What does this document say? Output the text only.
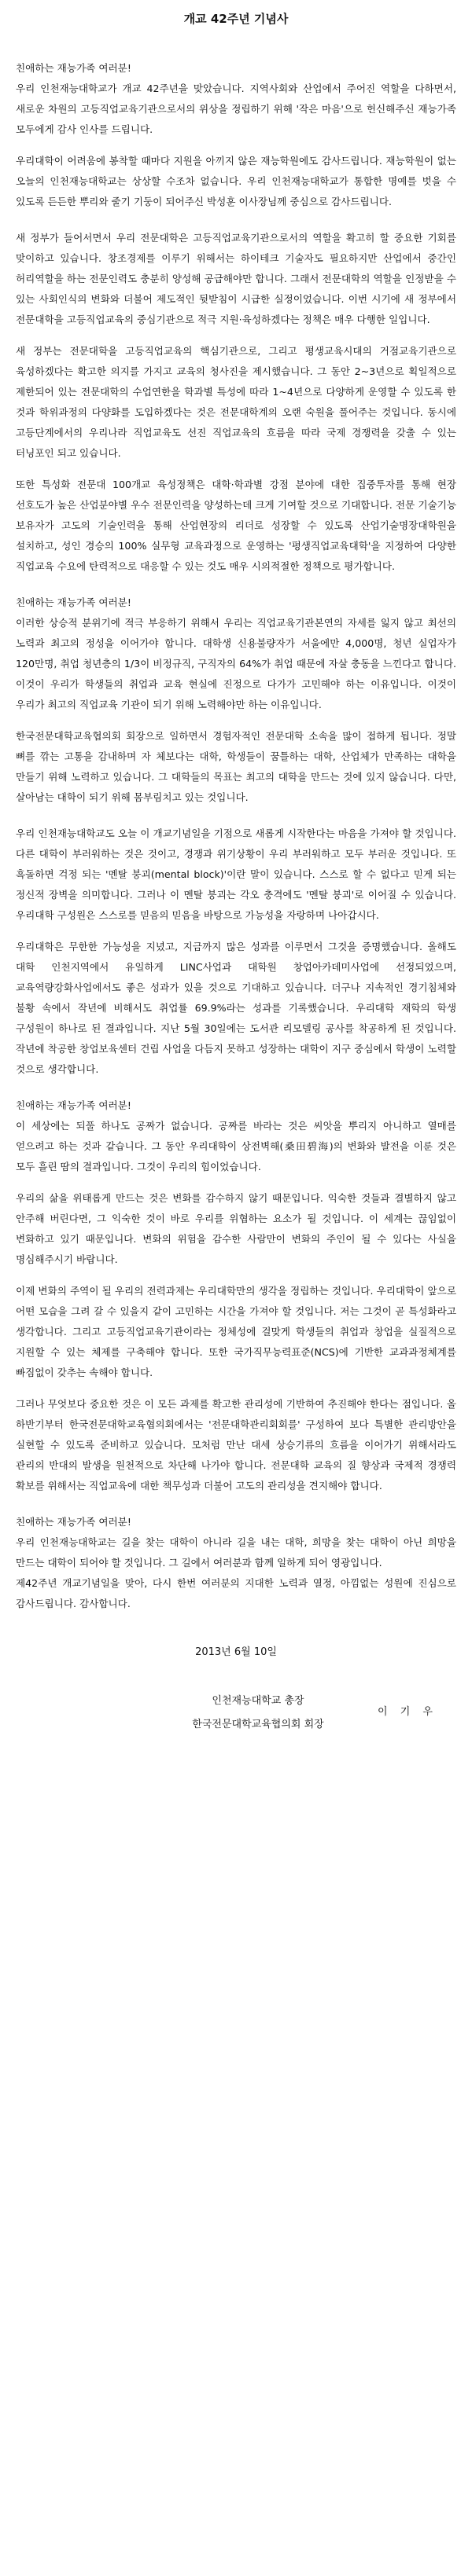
개교 42주년 기념사

친애하는 재능가족 여러분!

우리 인천재능대학교가 개교 42주년을 맞았습니다. 지역사회와 산업에서 주어진 역할을 다하면서, 새로운 차원의 고등직업교육기관으로서의 위상을 정립하기 위해 '작은 마음'으로 헌신해주신 재능가족 모두에게 감사 인사를 드립니다.

우리대학이 어려움에 봉착할 때마다 지원을 아끼지 않은 재능학원에도 감사드립니다. 재능학원이 없는 오늘의 인천재능대학교는 상상할 수조차 없습니다. 우리 인천재능대학교가 통합한 명예를 벗을 수 있도록 든든한 뿌리와 줄기 기둥이 되어주신 박성훈 이사장님께 중심으로 감사드립니다.

새 정부가 들어서면서 우리 전문대학은 고등직업교육기관으로서의 역할을 확고히 할 중요한 기회를 맞이하고 있습니다. 창조경제를 이루기 위해서는 하이테크 기술자도 필요하지만 산업에서 중간인 허리역할을 하는 전문인력도 충분히 양성해 공급해야만 합니다. 그래서 전문대학의 역할을 인정받을 수 있는 사회인식의 변화와 더불어 제도적인 뒷받침이 시급한 실정이었습니다. 이번 시기에 새 정부에서 전문대학을 고등직업교육의 중심기관으로 적극 지원·육성하겠다는 정책은 매우 다행한 일입니다.

새 정부는 전문대학을 고등직업교육의 핵심기관으로, 그리고 평생교육시대의 거점교육기관으로 육성하겠다는 확고한 의지를 가지고 교육의 청사진을 제시했습니다. 그 동안 2~3년으로 획일적으로 제한되어 있는 전문대학의 수업연한을 학과별 특성에 따라 1~4년으로 다양하게 운영할 수 있도록 한 것과 학위과정의 다양화를 도입하겠다는 것은 전문대학계의 오랜 숙원을 풀어주는 것입니다. 동시에 고등단계에서의 우리나라 직업교육도 선진 직업교육의 흐름을 따라 국제 경쟁력을 갖출 수 있는 터닝포인 되고 있습니다.

또한 특성화 전문대 100개교 육성정책은 대학·학과별 강점 분야에 대한 집중투자를 통해 현장 선호도가 높은 산업분야별 우수 전문인력을 양성하는데 크게 기여할 것으로 기대합니다. 전문 기술기능 보유자가 고도의 기술인력을 통해 산업현장의 리더로 성장할 수 있도록 산업기술명장대학원을 설치하고, 성인 경승의 100% 실무형 교육과정으로 운영하는 '평생직업교육대학'을 지정하여 다양한 직업교육 수요에 탄력적으로 대응할 수 있는 것도 매우 시의적절한 정책으로 평가합니다.

친애하는 재능가족 여러분!

이러한 상승적 분위기에 적극 부응하기 위해서 우리는 직업교육기관본연의 자세를 잃지 않고 최선의 노력과 최고의 정성을 이어가야 합니다. 대학생 신용불량자가 서울에만 4,000명, 청년 실업자가 120만명, 취업 청년층의 1/3이 비정규직, 구직자의 64%가 취업 때문에 자살 충동을 느낀다고 합니다. 이것이 우리가 학생들의 취업과 교육 현실에 진정으로 다가가 고민해야 하는 이유입니다. 이것이 우리가 최고의 직업교육 기관이 되기 위해 노력해야만 하는 이유입니다.

한국전문대학교육협의회 회장으로 일하면서 경험자적인 전문대학 소속을 많이 접하게 됩니다. 정말 뼈를 깎는 고통을 감내하며 자 체보다는 대학, 학생들이 꿈틀하는 대학, 산업체가 만족하는 대학을 만들기 위해 노력하고 있습니다. 그 대학들의 목표는 최고의 대학을 만드는 것에 있지 않습니다. 다만, 살아남는 대학이 되기 위해 몸부림치고 있는 것입니다.

우리 인천재능대학교도 오늘 이 개교기념일을 기점으로 새롭게 시작한다는 마음을 가져야 할 것입니다. 다른 대학이 부러워하는 것은 것이고, 경쟁과 위기상황이 우리 부러워하고 모두 부러운 것입니다. 또 흑돌하면 걱정 되는 '멘탈 붕괴(mental block)'이란 말이 있습니다. 스스로 할 수 없다고 믿게 되는 정신적 장벽을 의미합니다. 그러나 이 멘탈 붕괴는 각오 충격에도 '멘탈 붕괴'로 이어질 수 있습니다. 우리대학 구성원은 스스로를 믿음의 믿음을 바탕으로 가능성을 자랑하며 나아갑시다.

우리대학은 무한한 가능성을 지녔고, 지금까지 많은 성과를 이루면서 그것을 증명했습니다. 올해도 대학 인천지역에서 유일하게 LINC사업과 대학원 창업아카데미사업에 선정되었으며, 교육역량강화사업에서도 좋은 성과가 있을 것으로 기대하고 있습니다. 더구나 지속적인 경기침체와 불황 속에서 작년에 비해서도 취업률 69.9%라는 성과를 기록했습니다. 우리대학 재학의 학생 구성원이 하나로 된 결과입니다. 지난 5월 30일에는 도서관 리모델링 공사를 착공하게 된 것입니다. 작년에 착공한 창업보육센터 건립 사업을 다듬지 못하고 성장하는 대학이 지구 중심에서 학생이 노력할 것으로 생각합니다.

친애하는 재능가족 여러분!

이 세상에는 되풀 하나도 공짜가 없습니다. 공짜를 바라는 것은 씨앗을 뿌리지 아니하고 열매를 얻으려고 하는 것과 같습니다. 그 동안 우리대학이 상전벽해(桑田碧海)의 변화와 발전을 이룬 것은 모두 흘린 땀의 결과입니다. 그것이 우리의 힘이었습니다.

우리의 삶을 위태롭게 만드는 것은 변화를 감수하지 않기 때문입니다. 익숙한 것들과 결별하지 않고 안주해 버린다면, 그 익숙한 것이 바로 우리를 위협하는 요소가 될 것입니다. 이 세계는 끊임없이 변화하고 있기 때문입니다. 변화의 위험을 감수한 사람만이 변화의 주인이 될 수 있다는 사실을 명심해주시기 바랍니다.

이제 변화의 주역이 될 우리의 전력과제는 우리대학만의 생각을 정립하는 것입니다. 우리대학이 앞으로 어떤 모습을 그려 갈 수 있을지 같이 고민하는 시간을 가져야 할 것입니다. 저는 그것이 곧 특성화라고 생각합니다. 그리고 고등직업교육기관이라는 정체성에 걸맞게 학생들의 취업과 창업을 실질적으로 지원할 수 있는 체제를 구축해야 합니다. 또한 국가직무능력표준(NCS)에 기반한 교과과정체계를 빠짐없이 갖추는 속해야 합니다.

그러나 무엇보다 중요한 것은 이 모든 과제를 확고한 관리성에 기반하여 추진해야 한다는 점입니다. 올 하반기부터 한국전문대학교육협의회에서는 '전문대학관리회회를' 구성하여 보다 특별한 관리방안을 실현할 수 있도록 준비하고 있습니다. 모처럼 만난 대세 상승기류의 흐름을 이어가기 위해서라도 관리의 반대의 발생을 원천적으로 차단해 나가야 합니다. 전문대학 교육의 질 향상과 국제적 경쟁력 확보를 위해서는 직업교육에 대한 책무성과 더불어 고도의 관리성을 견지해야 합니다.

친애하는 재능가족 여러분!

우리 인천재능대학교는 길을 찾는 대학이 아니라 길을 내는 대학, 희망을 찾는 대학이 아닌 희망을 만드는 대학이 되어야 할 것입니다. 그 길에서 여러분과 함께 일하게 되어 영광입니다.

제42주년 개교기념일을 맞아, 다시 한번 여러분의 지대한 노력과 열정, 아낌없는 성원에 진심으로 감사드립니다. 감사합니다.

2013년 6월 10일
인천재능대학교 총장
한국전문대학교육협의회 회장
이 기 우
